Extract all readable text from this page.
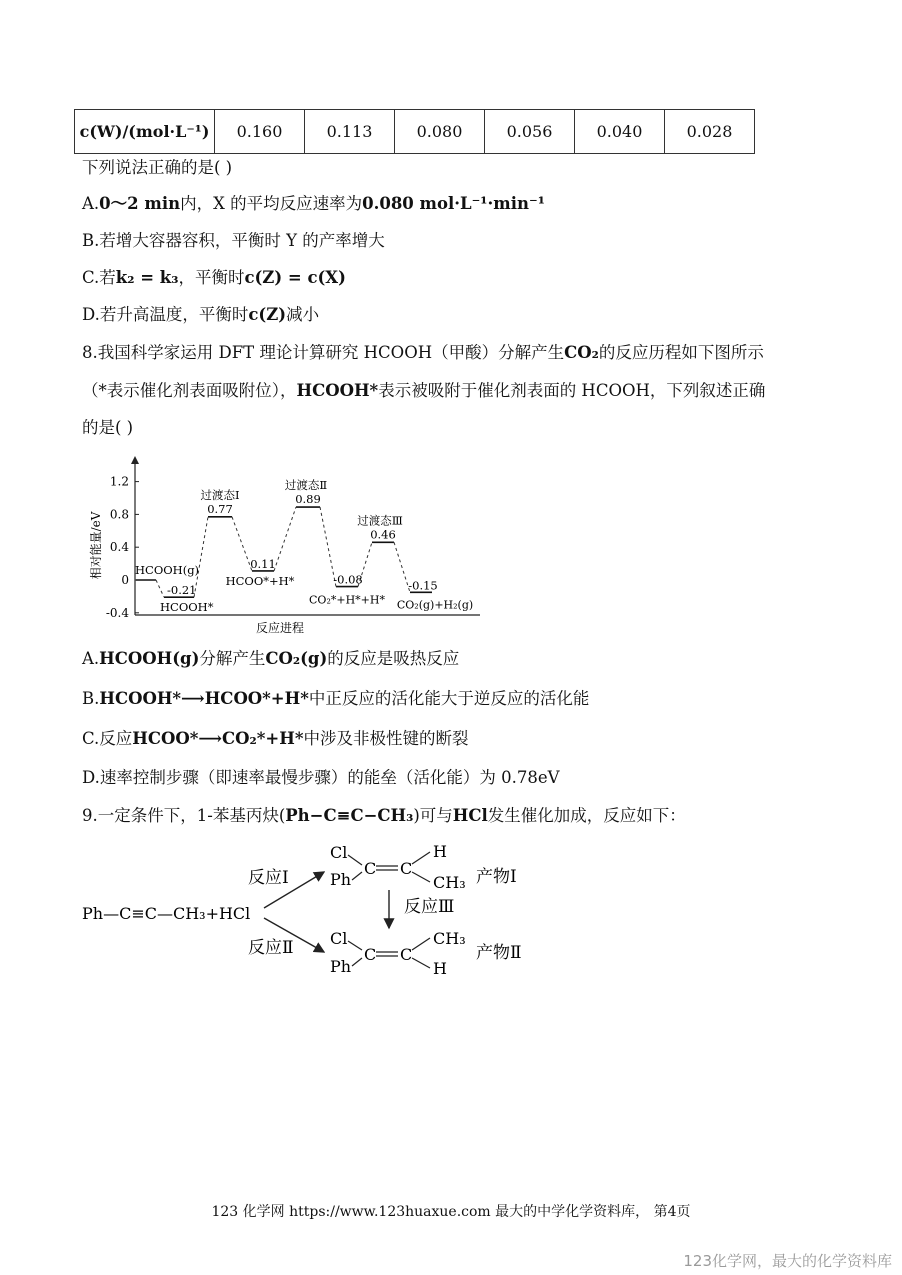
c(W)/(mol·L⁻¹)	0.160	0.113	0.080	0.056	0.040	0.028
下列说法正确的是( )
A.0～2 min内，X 的平均反应速率为0.080 mol·L⁻¹·min⁻¹
B.若增大容器容积，平衡时 Y 的产率增大
C.若k₂ = k₃，平衡时c(Z) = c(X)
D.若升高温度，平衡时c(Z)减小
8.我国科学家运用 DFT 理论计算研究 HCOOH（甲酸）分解产生CO₂的反应历程如下图所示
（*表示催化剂表面吸附位），HCOOH*表示被吸附于催化剂表面的 HCOOH，下列叙述正确
的是( )
1.2
0.8
0.4
0
-0.4
相对能量/eV
反应进程
HCOOH(g)
-0.21
HCOOH*
0.77
过渡态Ⅰ
0.11
HCOO*+H*
0.89
过渡态Ⅱ
-0.08
CO₂*+H*+H*
0.46
过渡态Ⅲ
-0.15
CO₂(g)+H₂(g)
A.HCOOH(g)分解产生CO₂(g)的反应是吸热反应
B.HCOOH*⟶HCOO*+H*中正反应的活化能大于逆反应的活化能
C.反应HCOO*⟶CO₂*+H*中涉及非极性键的断裂
D.速率控制步骤（即速率最慢步骤）的能垒（活化能）为 0.78eV
9.一定条件下，1-苯基丙炔(Ph−C≡C−CH₃)可与HCl发生催化加成，反应如下：
Ph—C≡C—CH₃+HCl
反应Ⅰ
反应Ⅱ
Cl
Ph
C C
H
CH₃ 产物Ⅰ
反应Ⅲ
Cl
Ph
C C
CH₃
H
产物Ⅱ
123 化学网 https://www.123huaxue.com 最大的中学化学资料库， 第4页
123化学网，最大的化学资料库
